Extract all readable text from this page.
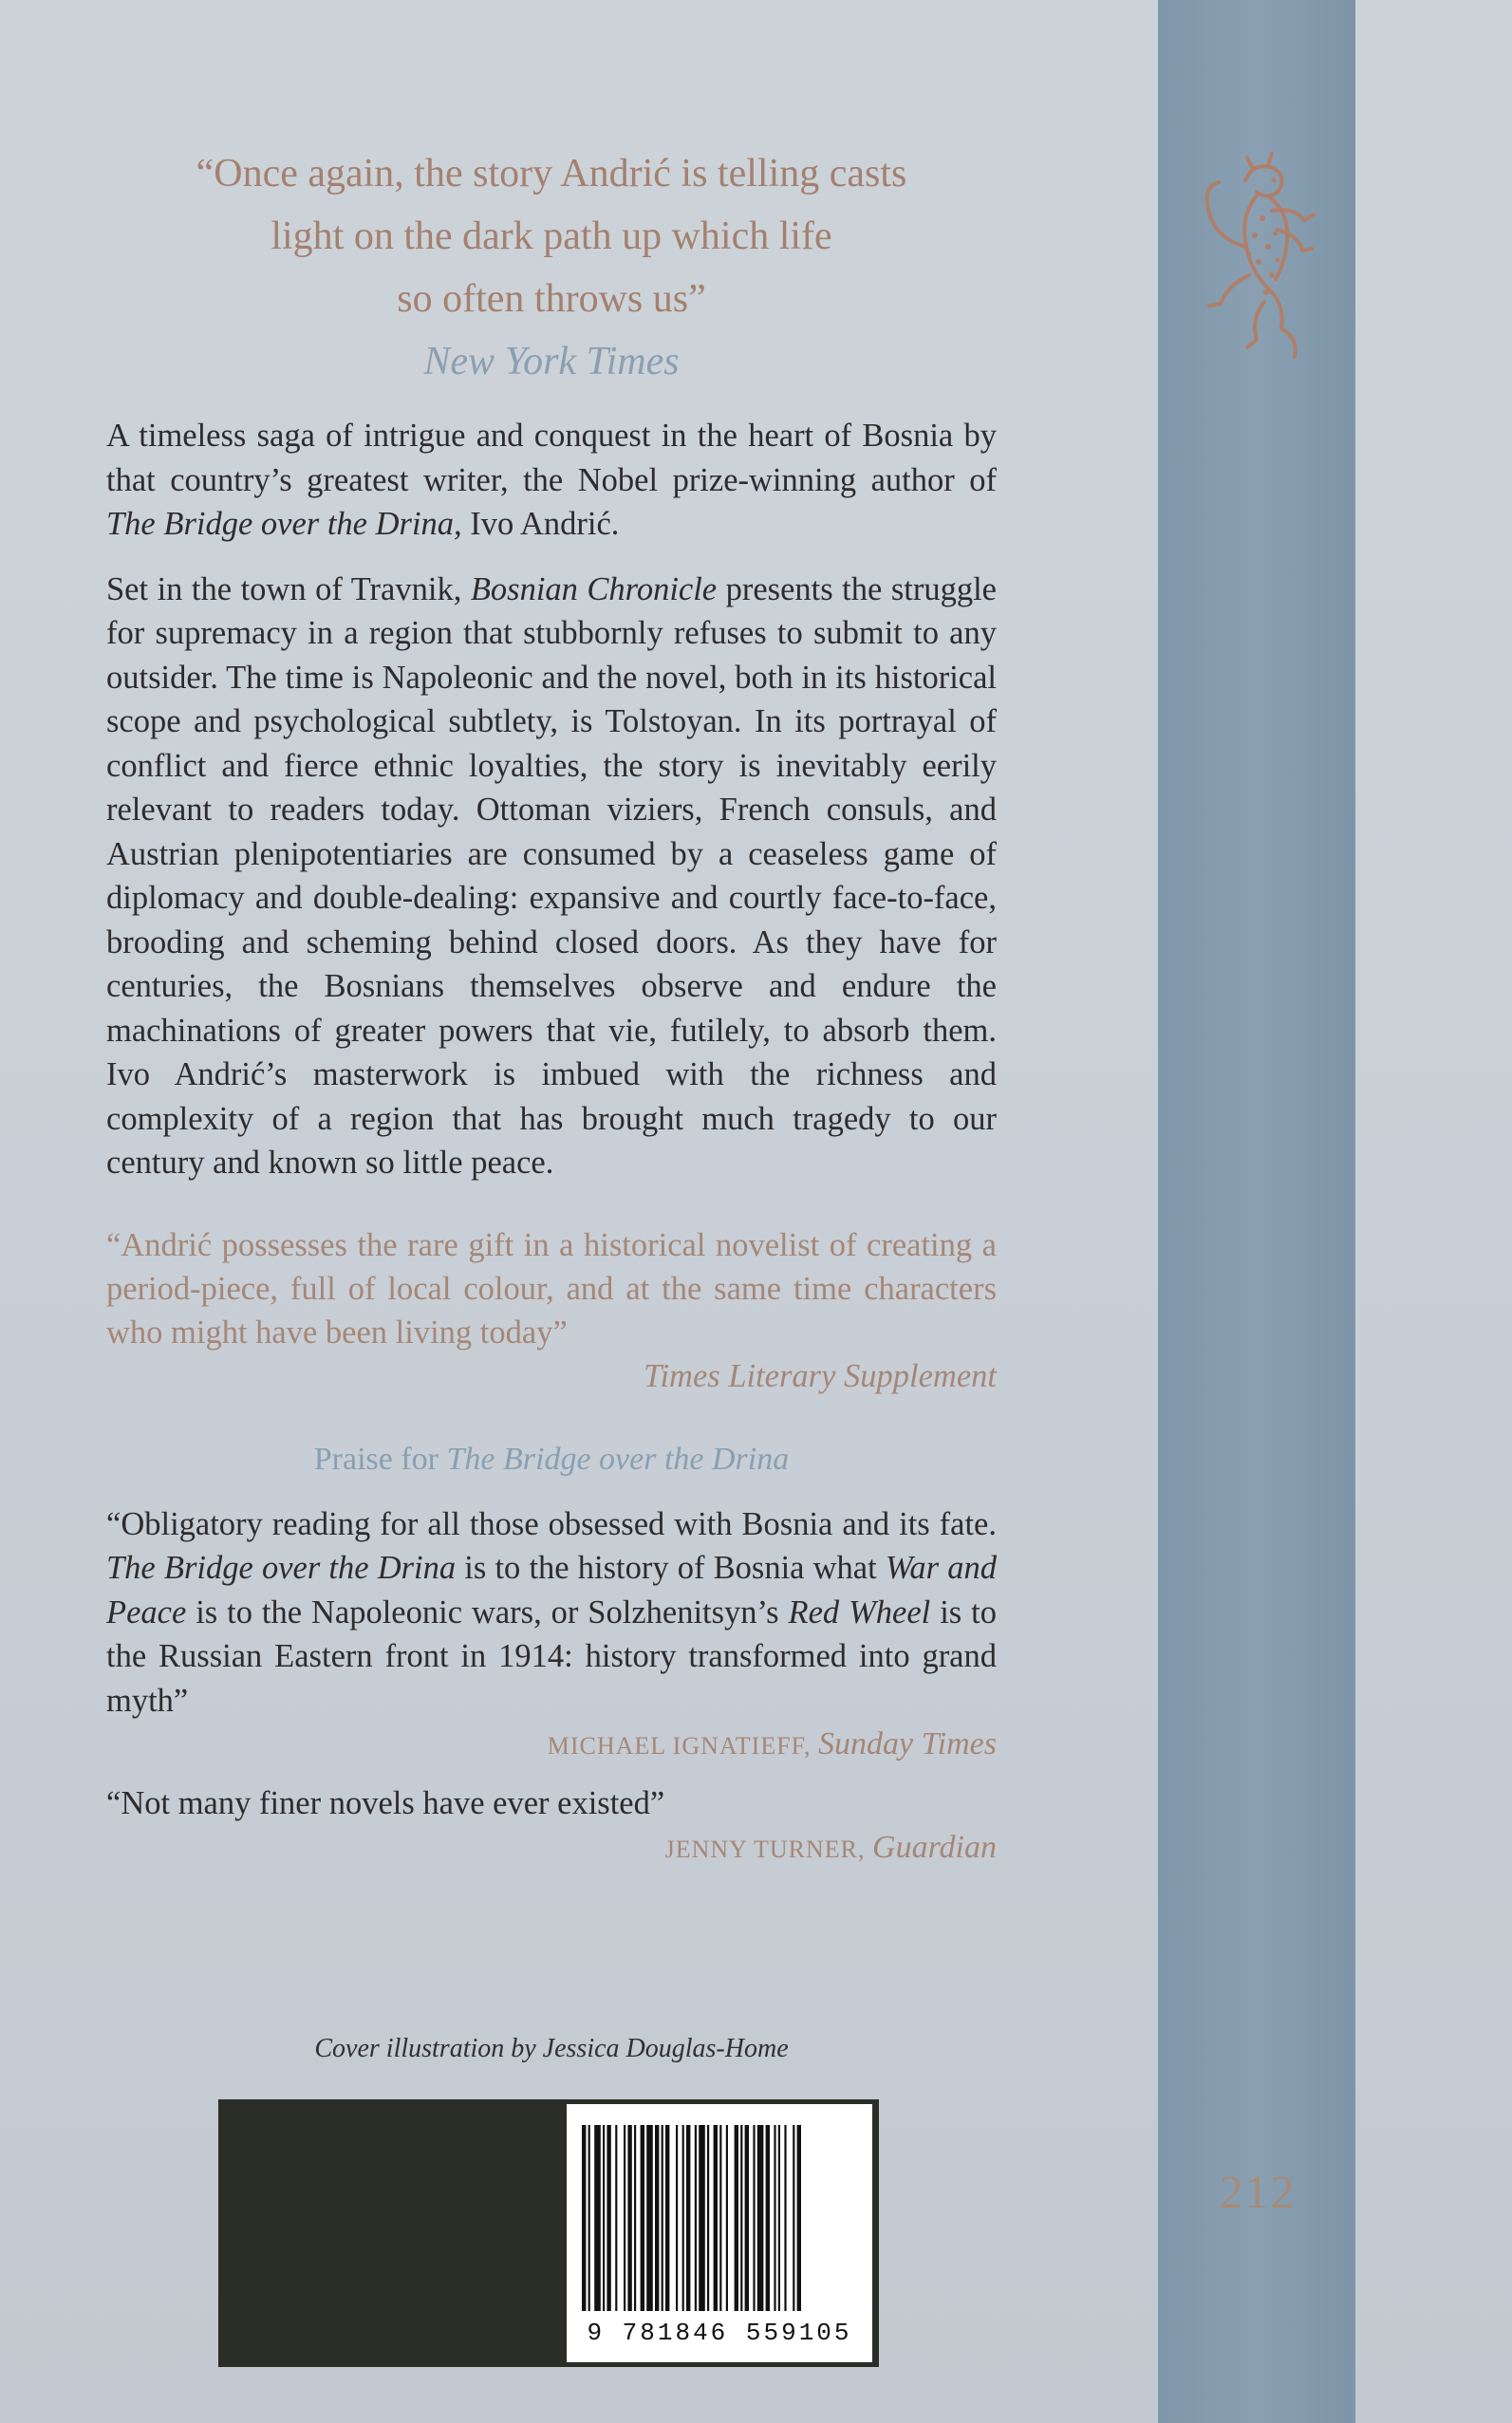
212
“Once again, the story Andrić is telling casts
light on the dark path up which life
so often throws us”
New York Times

A timeless saga of intrigue and conquest in the heart of Bosnia by that country’s greatest writer, the Nobel prize-winning author of The Bridge over the Drina, Ivo Andrić.

Set in the town of Travnik, Bosnian Chronicle presents the struggle for supremacy in a region that stubbornly refuses to submit to any outsider. The time is Napoleonic and the novel, both in its historical scope and psychological subtlety, is Tolstoyan. In its portrayal of conflict and fierce ethnic loyalties, the story is inevitably eerily relevant to readers today. Ottoman viziers, French consuls, and Austrian plenipotentiaries are consumed by a ceaseless game of diplomacy and double-dealing: expansive and courtly face-to-face, brooding and scheming behind closed doors. As they have for centuries, the Bosnians themselves observe and endure the machinations of greater powers that vie, futilely, to absorb them. Ivo Andrić’s masterwork is imbued with the richness and complexity of a region that has brought much tragedy to our century and known so little peace.

“Andrić possesses the rare gift in a historical novelist of creating a period-piece, full of local colour, and at the same time characters who might have been living today”
Times Literary Supplement
Praise for The Bridge over the Drina
“Obligatory reading for all those obsessed with Bosnia and its fate. The Bridge over the Drina is to the history of Bosnia what War and Peace is to the Napoleonic wars, or Solzhenitsyn’s Red Wheel is to the Russian Eastern front in 1914: history transformed into grand myth”
MICHAEL IGNATIEFF, Sunday Times
“Not many finer novels have ever existed”
JENNY TURNER, Guardian
Cover illustration by Jessica Douglas-Home
9 781846 559105
